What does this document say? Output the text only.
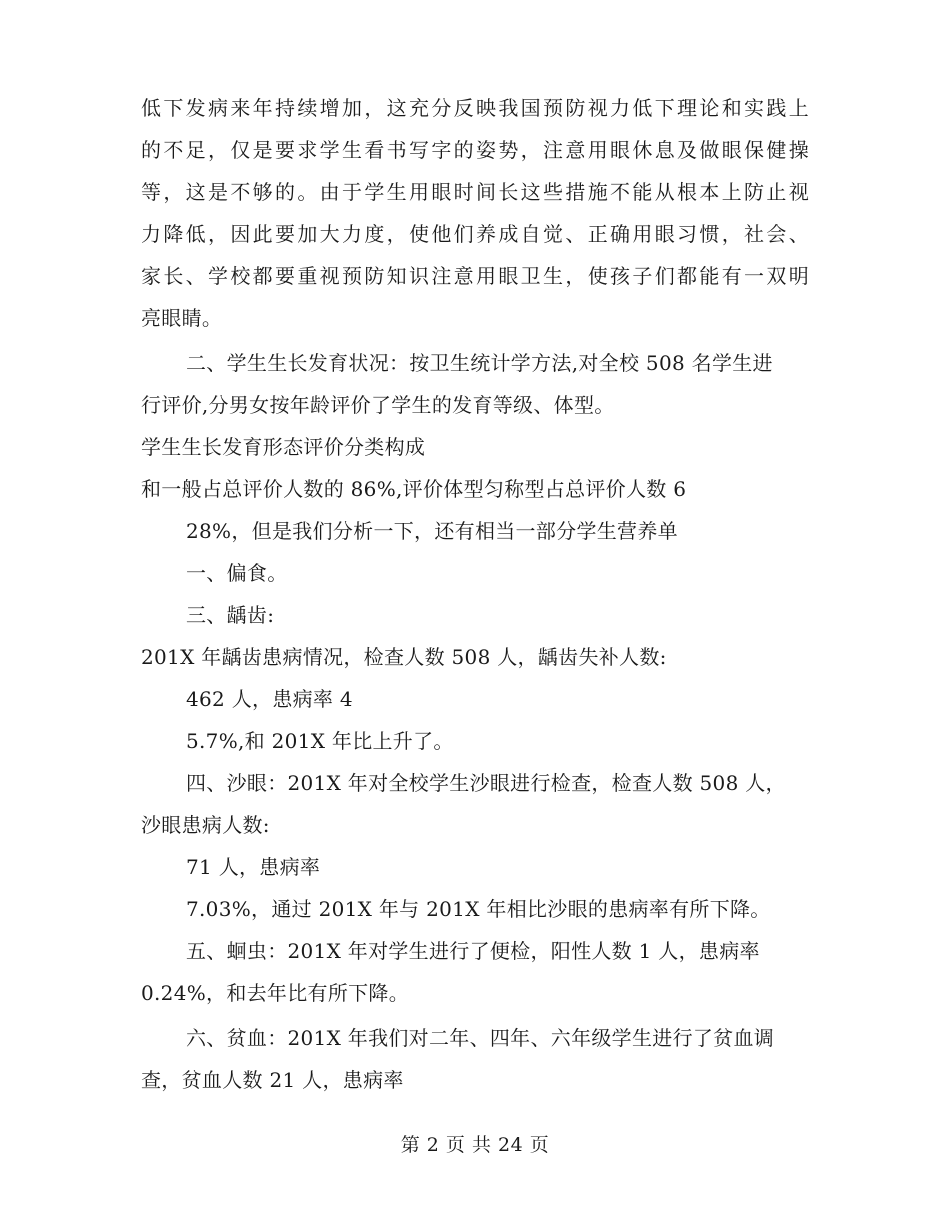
低下发病来年持续增加，这充分反映我国预防视力低下理论和实践上
的不足，仅是要求学生看书写字的姿势，注意用眼休息及做眼保健操
等，这是不够的。由于学生用眼时间长这些措施不能从根本上防止视
力降低，因此要加大力度，使他们养成自觉、正确用眼习惯，社会、
家长、学校都要重视预防知识注意用眼卫生，使孩子们都能有一双明
亮眼睛。
二、学生生长发育状况：按卫生统计学方法,对全校 508 名学生进
行评价,分男女按年龄评价了学生的发育等级、体型。
学生生长发育形态评价分类构成
和一般占总评价人数的 86%,评价体型匀称型占总评价人数 6
28%，但是我们分析一下，还有相当一部分学生营养单
一、偏食。
三、龋齿:
201X 年龋齿患病情况，检查人数 508 人，龋齿失补人数:
462 人，患病率 4
5.7%,和 201X 年比上升了。
四、沙眼：201X 年对全校学生沙眼进行检查，检查人数 508 人，
沙眼患病人数:
71 人，患病率
7.03%，通过 201X 年与 201X 年相比沙眼的患病率有所下降。
五、蛔虫：201X 年对学生进行了便检，阳性人数 1 人，患病率
0.24%，和去年比有所下降。
六、贫血：201X 年我们对二年、四年、六年级学生进行了贫血调
查，贫血人数 21 人，患病率
第 2 页 共 24 页
